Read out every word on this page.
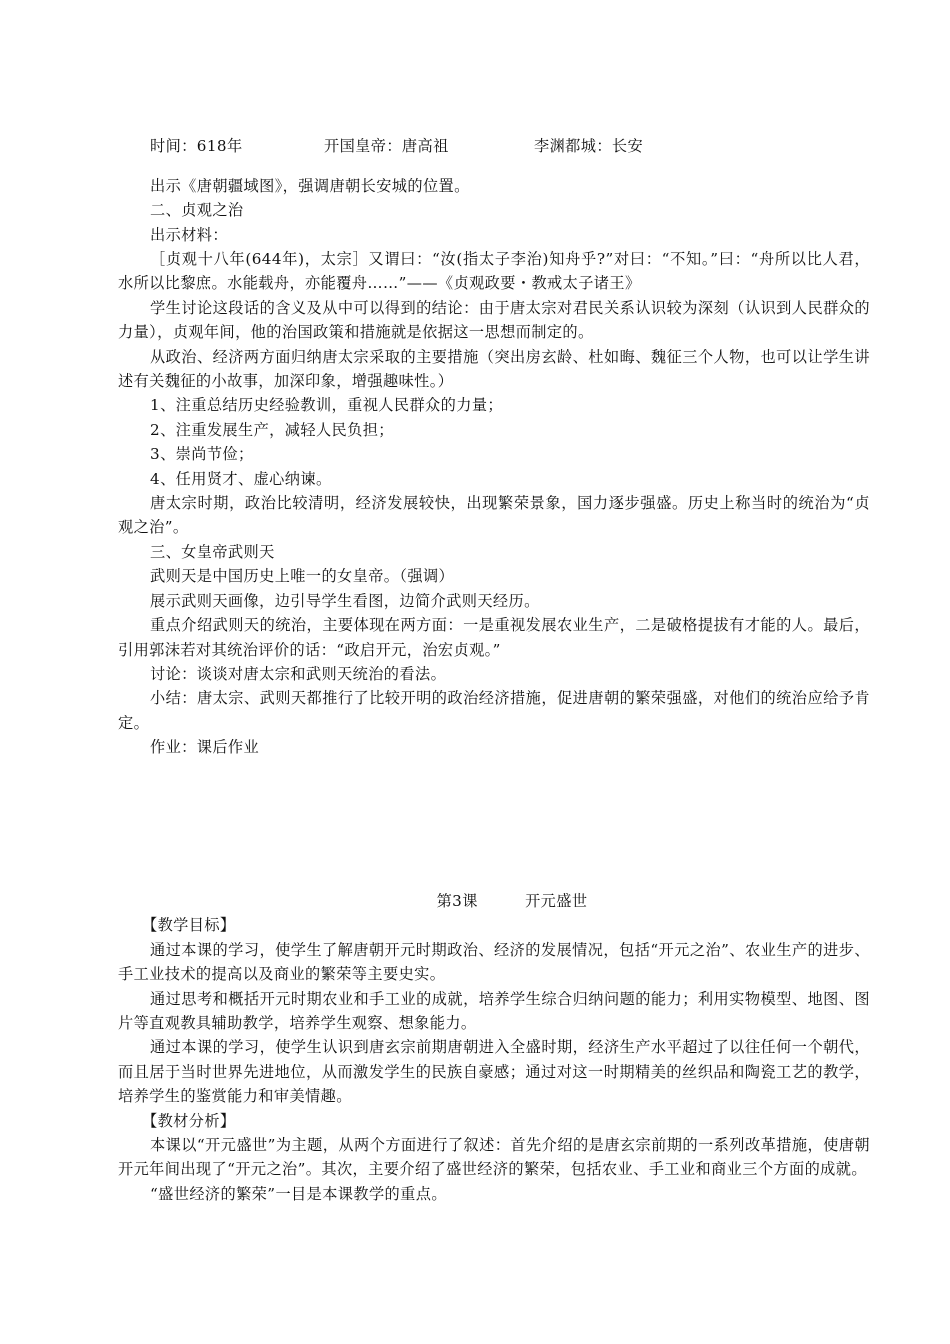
时间：618年	开国皇帝：唐高祖	李渊都城：长安

出示《唐朝疆域图》，强调唐朝长安城的位置。

二、贞观之治

出示材料：

［贞观十八年(644年)，太宗］又谓曰：“汝(指太子李治)知舟乎?”对曰：“不知。”曰：“舟所以比人君，水所以比黎庶。水能载舟，亦能覆舟……”——《贞观政要・教戒太子诸王》

学生讨论这段话的含义及从中可以得到的结论：由于唐太宗对君民关系认识较为深刻（认识到人民群众的力量），贞观年间，他的治国政策和措施就是依据这一思想而制定的。

从政治、经济两方面归纳唐太宗采取的主要措施（突出房玄龄、杜如晦、魏征三个人物，也可以让学生讲述有关魏征的小故事，加深印象，增强趣味性。）

1、注重总结历史经验教训，重视人民群众的力量；

2、注重发展生产，减轻人民负担；

3、崇尚节俭；

4、任用贤才、虚心纳谏。

唐太宗时期，政治比较清明，经济发展较快，出现繁荣景象，国力逐步强盛。历史上称当时的统治为“贞观之治”。

三、女皇帝武则天

武则天是中国历史上唯一的女皇帝。（强调）

展示武则天画像，边引导学生看图，边简介武则天经历。

重点介绍武则天的统治，主要体现在两方面：一是重视发展农业生产，二是破格提拔有才能的人。最后，引用郭沫若对其统治评价的话：“政启开元，治宏贞观。”

讨论：谈谈对唐太宗和武则天统治的看法。

小结：唐太宗、武则天都推行了比较开明的政治经济措施，促进唐朝的繁荣强盛，对他们的统治应给予肯定。

作业：课后作业

第3课	开元盛世

【教学目标】

通过本课的学习，使学生了解唐朝开元时期政治、经济的发展情况，包括“开元之治”、农业生产的进步、手工业技术的提高以及商业的繁荣等主要史实。

通过思考和概括开元时期农业和手工业的成就，培养学生综合归纳问题的能力；利用实物模型、地图、图片等直观教具辅助教学，培养学生观察、想象能力。

通过本课的学习，使学生认识到唐玄宗前期唐朝进入全盛时期，经济生产水平超过了以往任何一个朝代，而且居于当时世界先进地位，从而激发学生的民族自豪感；通过对这一时期精美的丝织品和陶瓷工艺的教学，培养学生的鉴赏能力和审美情趣。

【教材分析】

本课以“开元盛世”为主题，从两个方面进行了叙述：首先介绍的是唐玄宗前期的一系列改革措施，使唐朝开元年间出现了“开元之治”。其次，主要介绍了盛世经济的繁荣，包括农业、手工业和商业三个方面的成就。

“盛世经济的繁荣”一目是本课教学的重点。
